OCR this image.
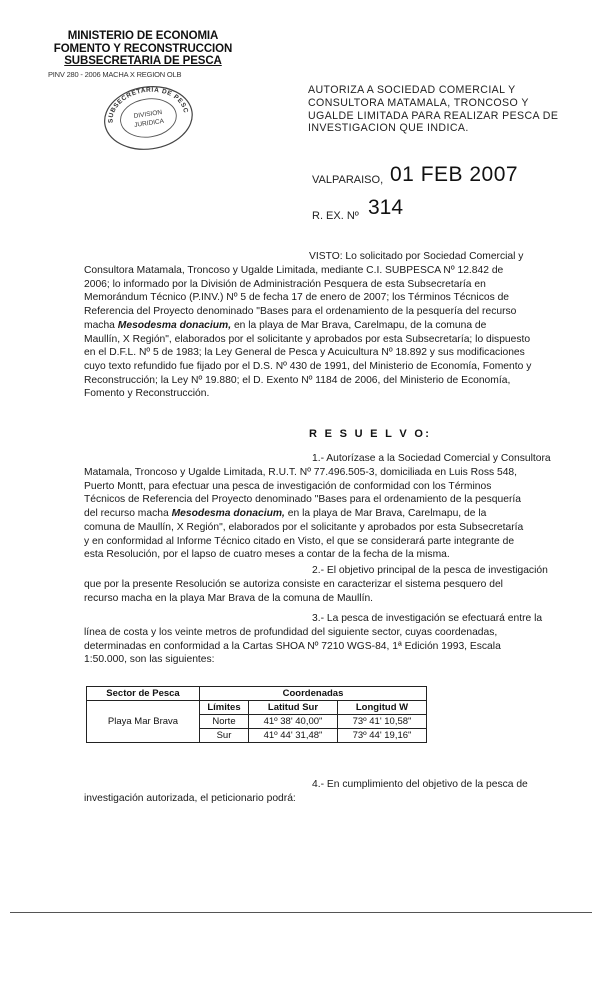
MINISTERIO DE ECONOMIA
FOMENTO Y RECONSTRUCCION
SUBSECRETARIA DE PESCA
PINV 280 - 2006 MACHA X REGION OLB
SUBSECRETARIA DE PESCA
DIVISION
JURIDICA
AUTORIZA A SOCIEDAD COMERCIAL Y CONSULTORA MATAMALA, TRONCOSO Y UGALDE LIMITADA PARA REALIZAR PESCA DE INVESTIGACION QUE INDICA.
VALPARAISO, 01 FEB 2007
R. EX. Nº 314
VISTO: Lo solicitado por Sociedad Comercial y
Consultora Matamala, Troncoso y Ugalde Limitada, mediante C.I. SUBPESCA Nº 12.842 de
2006; lo informado por la División de Administración Pesquera de esta Subsecretaría en
Memorándum Técnico (P.INV.) Nº 5 de fecha 17 de enero de 2007; los Términos Técnicos de
Referencia del Proyecto denominado "Bases para el ordenamiento de la pesquería del recurso
macha Mesodesma donacium, en la playa de Mar Brava, Carelmapu, de la comuna de
Maullín, X Región", elaborados por el solicitante y aprobados por esta Subsecretaría; lo dispuesto
en el D.F.L. Nº 5 de 1983; la Ley General de Pesca y Acuicultura Nº 18.892 y sus modificaciones
cuyo texto refundido fue fijado por el D.S. Nº 430 de 1991, del Ministerio de Economía, Fomento y
Reconstrucción; la Ley Nº 19.880; el D. Exento Nº 1184 de 2006, del Ministerio de Economía,
Fomento y Reconstrucción.
R E S U E L V O:
1.- Autorízase a la Sociedad Comercial y Consultora
Matamala, Troncoso y Ugalde Limitada, R.U.T. Nº 77.496.505-3, domiciliada en Luis Ross 548,
Puerto Montt, para efectuar una pesca de investigación de conformidad con los Términos
Técnicos de Referencia del Proyecto denominado "Bases para el ordenamiento de la pesquería
del recurso macha Mesodesma donacium, en la playa de Mar Brava, Carelmapu, de la
comuna de Maullín, X Región", elaborados por el solicitante y aprobados por esta Subsecretaría
y en conformidad al Informe Técnico citado en Visto, el que se considerará parte integrante de
esta Resolución, por el lapso de cuatro meses a contar de la fecha de la misma.
2.- El objetivo principal de la pesca de investigación
que por la presente Resolución se autoriza consiste en caracterizar el sistema pesquero del
recurso macha en la playa Mar Brava de la comuna de Maullín.
3.- La pesca de investigación se efectuará entre la
línea de costa y los veinte metros de profundidad del siguiente sector, cuyas coordenadas,
determinadas en conformidad a la Cartas SHOA Nº 7210 WGS-84, 1ª Edición 1993, Escala
1:50.000, son las siguientes:
Sector de Pesca	Coordenadas		
Playa Mar Brava	Límites	Latitud Sur	Longitud W
	Norte	41º 38' 40,00"	73º 41' 10,58"
	Sur	41º 44' 31,48"	73º 44' 19,16"
4.- En cumplimiento del objetivo de la pesca de
investigación autorizada, el peticionario podrá:
